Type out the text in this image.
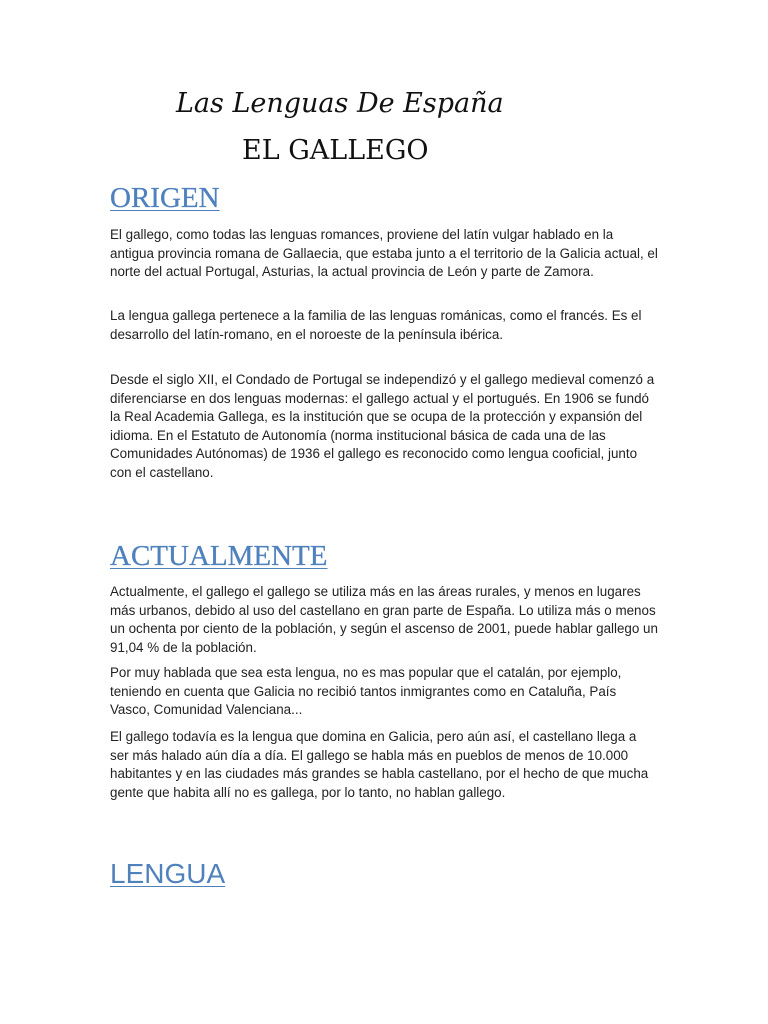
Las Lenguas De España
EL GALLEGO
ORIGEN

El gallego, como todas las lenguas romances, proviene del latín vulgar hablado en la antigua provincia romana de Gallaecia, que estaba junto a el territorio de la Galicia actual, el norte del actual Portugal, Asturias, la actual provincia de León y parte de Zamora.

La lengua gallega pertenece a la familia de las lenguas románicas, como el francés. Es el desarrollo del latín-romano, en el noroeste de la península ibérica.

Desde el siglo XII, el Condado de Portugal se independizó y el gallego medieval comenzó a diferenciarse en dos lenguas modernas: el gallego actual y el portugués. En 1906 se fundó la Real Academia Gallega, es la institución que se ocupa de la protección y expansión del idioma. En el Estatuto de Autonomía (norma institucional básica de cada una de las Comunidades Autónomas) de 1936 el gallego es reconocido como lengua cooficial, junto con el castellano.

ACTUALMENTE

Actualmente, el gallego el gallego se utiliza más en las áreas rurales, y menos en lugares más urbanos, debido al uso del castellano en gran parte de España. Lo utiliza más o menos un ochenta por ciento de la población, y según el ascenso de 2001, puede hablar gallego un 91,04 % de la población.

Por muy hablada que sea esta lengua, no es mas popular que el catalán, por ejemplo, teniendo en cuenta que Galicia no recibió tantos inmigrantes como en Cataluña, País Vasco, Comunidad Valenciana...

El gallego todavía es la lengua que domina en Galicia, pero aún así, el castellano llega a ser más halado aún día a día. El gallego se habla más en pueblos de menos de 10.000 habitantes y en las ciudades más grandes se habla castellano, por el hecho de que mucha gente que habita allí no es gallega, por lo tanto, no hablan gallego.

LENGUA
